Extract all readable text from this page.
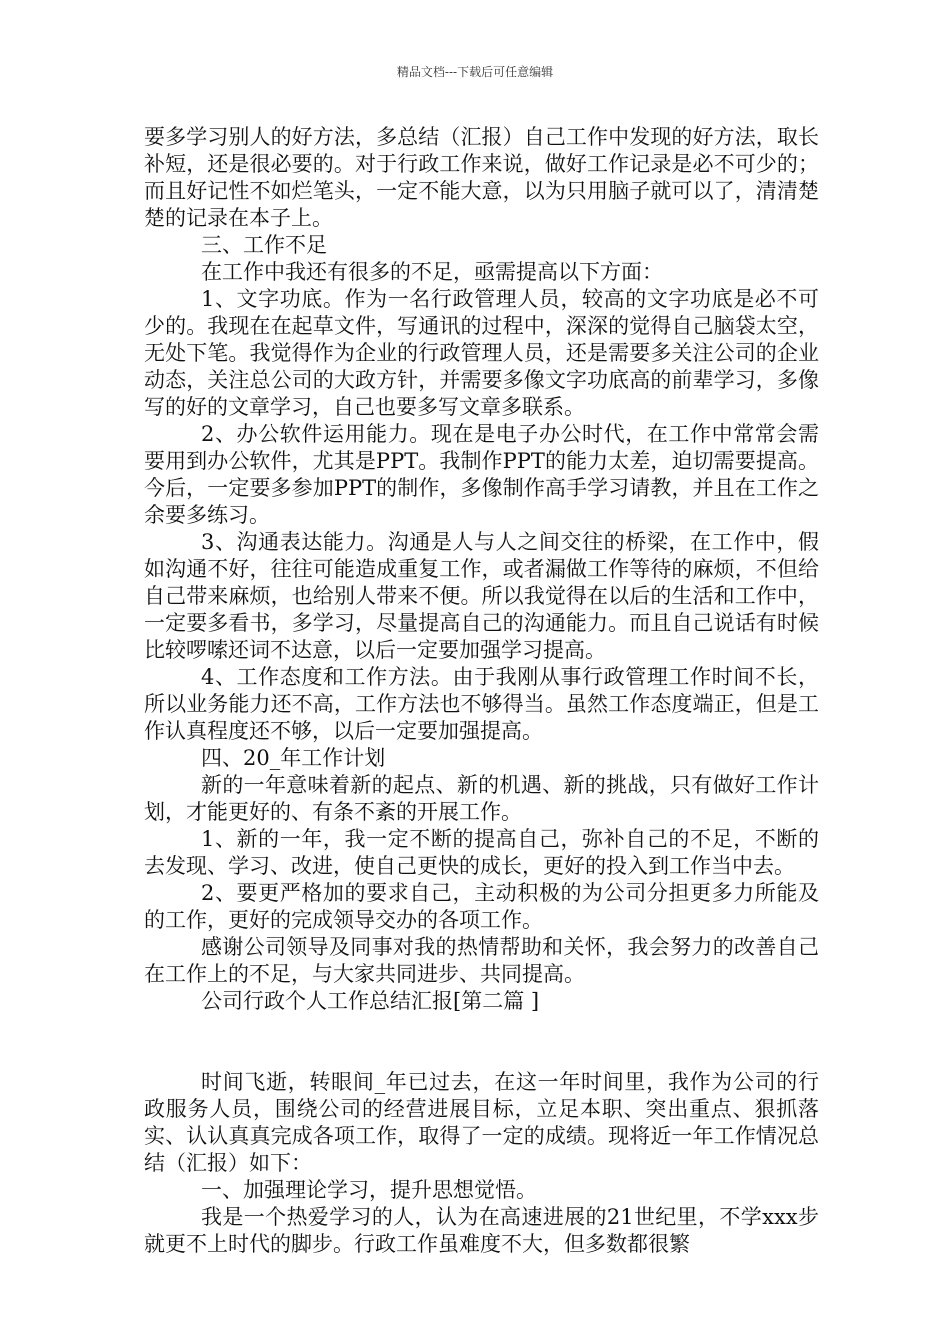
精品文档---下载后可任意编辑

要多学习别人的好方法，多总结（汇报）自己工作中发现的好方法，取长补短，还是很必要的。对于行政工作来说，做好工作记录是必不可少的；而且好记性不如烂笔头，一定不能大意，以为只用脑子就可以了，清清楚楚的记录在本子上。

三、工作不足

在工作中我还有很多的不足，亟需提高以下方面：

1、文字功底。作为一名行政管理人员，较高的文字功底是必不可少的。我现在在起草文件，写通讯的过程中，深深的觉得自己脑袋太空，无处下笔。我觉得作为企业的行政管理人员，还是需要多关注公司的企业动态，关注总公司的大政方针，并需要多像文字功底高的前辈学习，多像写的好的文章学习，自己也要多写文章多联系。

2、办公软件运用能力。现在是电子办公时代，在工作中常常会需要用到办公软件，尤其是PPT。我制作PPT的能力太差，迫切需要提高。今后，一定要多参加PPT的制作，多像制作高手学习请教，并且在工作之余要多练习。

3、沟通表达能力。沟通是人与人之间交往的桥梁，在工作中，假如沟通不好，往往可能造成重复工作，或者漏做工作等待的麻烦，不但给自己带来麻烦，也给别人带来不便。所以我觉得在以后的生活和工作中，一定要多看书，多学习，尽量提高自己的沟通能力。而且自己说话有时候比较啰嗦还词不达意，以后一定要加强学习提高。

4、工作态度和工作方法。由于我刚从事行政管理工作时间不长，所以业务能力还不高，工作方法也不够得当。虽然工作态度端正，但是工作认真程度还不够，以后一定要加强提高。

四、20_年工作计划

新的一年意味着新的起点、新的机遇、新的挑战，只有做好工作计划，才能更好的、有条不紊的开展工作。

1、新的一年，我一定不断的提高自己，弥补自己的不足，不断的去发现、学习、改进，使自己更快的成长，更好的投入到工作当中去。

2、要更严格加的要求自己，主动积极的为公司分担更多力所能及的工作，更好的完成领导交办的各项工作。

感谢公司领导及同事对我的热情帮助和关怀，我会努力的改善自己在工作上的不足，与大家共同进步、共同提高。

公司行政个人工作总结汇报[第二篇 ]

时间飞逝，转眼间_年已过去，在这一年时间里，我作为公司的行政服务人员，围绕公司的经营进展目标，立足本职、突出重点、狠抓落实、认认真真完成各项工作，取得了一定的成绩。现将近一年工作情况总结（汇报）如下：

一、加强理论学习，提升思想觉悟。

我是一个热爱学习的人，认为在高速进展的21世纪里，不学xxx步就更不上时代的脚步。行政工作虽难度不大，但多数都很繁
